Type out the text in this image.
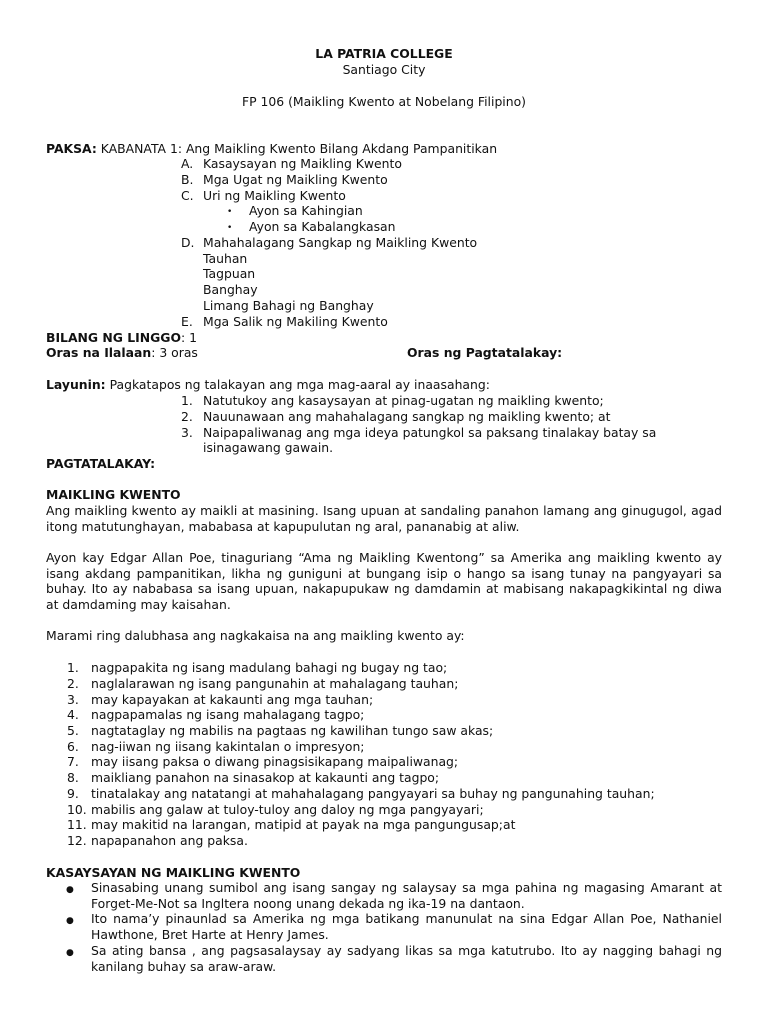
LA PATRIA COLLEGE
Santiago City
FP 106 (Maikling Kwento at Nobelang Filipino)
PAKSA: KABANATA 1: Ang Maikling Kwento Bilang Akdang Pampanitikan
A. Kasaysayan ng Maikling Kwento
B. Mga Ugat ng Maikling Kwento
C. Uri ng Maikling Kwento
• Ayon sa Kahingian
• Ayon sa Kabalangkasan
D. Mahahalagang Sangkap ng Maikling Kwento
Tauhan
Tagpuan
Banghay
Limang Bahagi ng Banghay
E. Mga Salik ng Makiling Kwento
BILANG NG LINGGO: 1
Oras na Ilalaan: 3 oras	Oras ng Pagtatalakay:
Layunin: Pagkatapos ng talakayan ang mga mag-aaral ay inaasahang:
1. Natutukoy ang kasaysayan at pinag-ugatan ng maikling kwento;
2. Nauunawaan ang mahahalagang sangkap ng maikling kwento; at
3. Naipapaliwanag ang mga ideya patungkol sa paksang tinalakay batay sa
isinagawang gawain.
PAGTATALAKAY:
MAIKLING KWENTO
Ang maikling kwento ay maikli at masining. Isang upuan at sandaling panahon lamang ang ginugugol, agad itong matutunghayan, mababasa at kapupulutan ng aral, pananabig at aliw.
Ayon kay Edgar Allan Poe, tinaguriang “Ama ng Maikling Kwentong” sa Amerika ang maikling kwento ay isang akdang pampanitikan, likha ng guniguni at bungang isip o hango sa isang tunay na pangyayari sa buhay. Ito ay nababasa sa isang upuan, nakapupukaw ng damdamin at mabisang nakapagkikintal ng diwa at damdaming may kaisahan.
Marami ring dalubhasa ang nagkakaisa na ang maikling kwento ay:
1. nagpapakita ng isang madulang bahagi ng bugay ng tao;
2. naglalarawan ng isang pangunahin at mahalagang tauhan;
3. may kapayakan at kakaunti ang mga tauhan;
4. nagpapamalas ng isang mahalagang tagpo;
5. nagtataglay ng mabilis na pagtaas ng kawilihan tungo saw akas;
6. nag-iiwan ng iisang kakintalan o impresyon;
7. may iisang paksa o diwang pinagsisikapang maipaliwanag;
8. maikliang panahon na sinasakop at kakaunti ang tagpo;
9. tinatalakay ang natatangi at mahahalagang pangyayari sa buhay ng pangunahing tauhan;
10. mabilis ang galaw at tuloy-tuloy ang daloy ng mga pangyayari;
11. may makitid na larangan, matipid at payak na mga pangungusap;at
12. napapanahon ang paksa.
KASAYSAYAN NG MAIKLING KWENTO
● Sinasabing unang sumibol ang isang sangay ng salaysay sa mga pahina ng magasing Amarant at Forget-Me-Not sa Ingltera noong unang dekada ng ika-19 na dantaon.
● Ito nama’y pinaunlad sa Amerika ng mga batikang manunulat na sina Edgar Allan Poe, Nathaniel Hawthone, Bret Harte at Henry James.
● Sa ating bansa , ang pagsasalaysay ay sadyang likas sa mga katutrubo. Ito ay nagging bahagi ng kanilang buhay sa araw-araw.
